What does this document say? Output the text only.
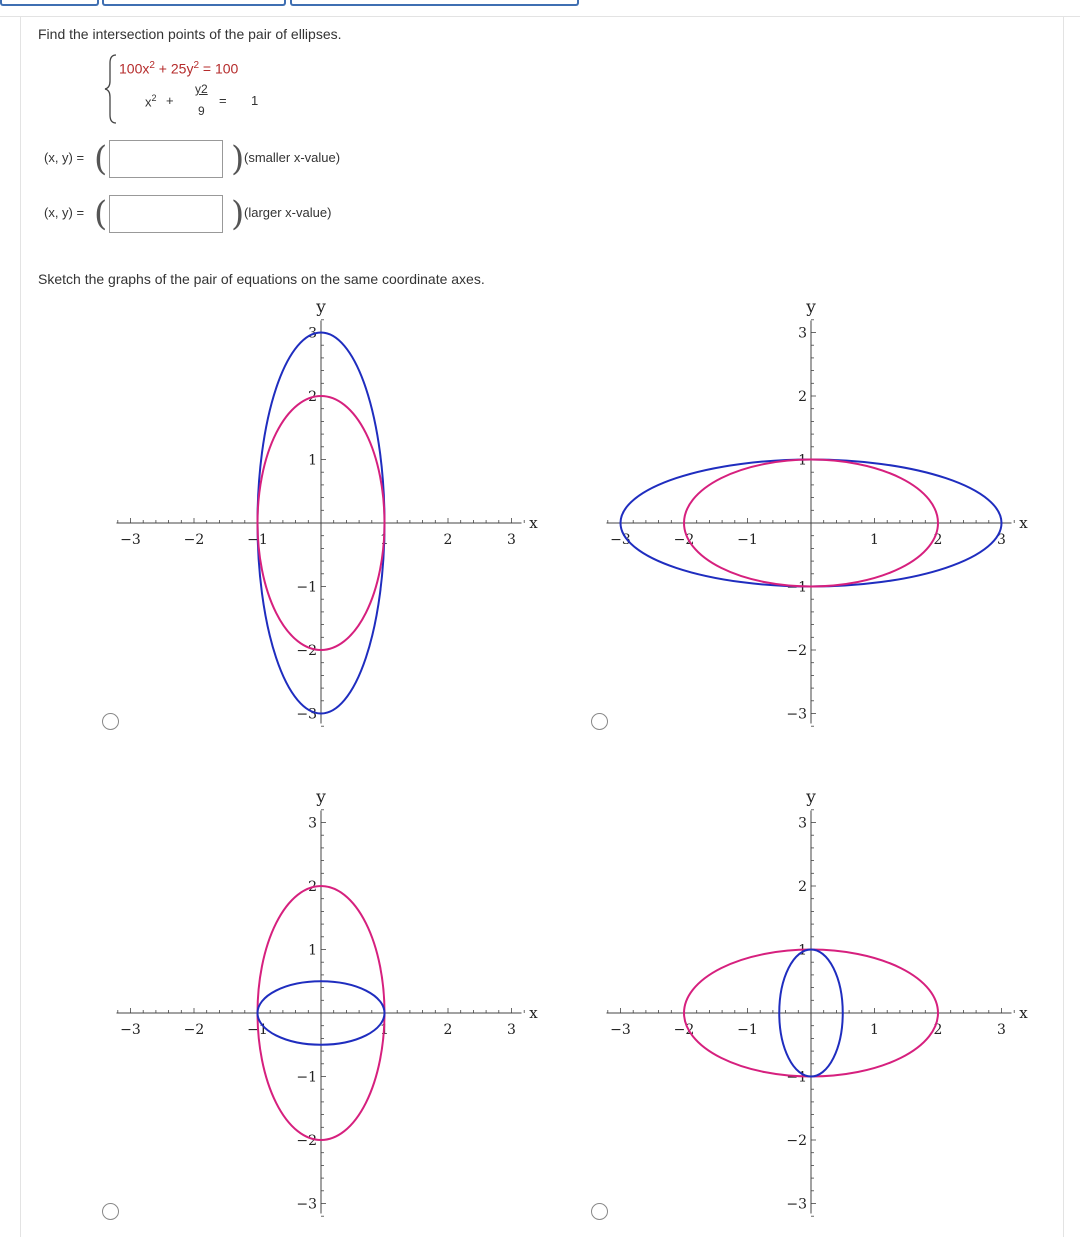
Find the intersection points of the pair of ellipses.
$100x^2 + 25y^2 = 100$
$x^2$ +
y2
9
= 1
(x, y) = (	) (smaller x-value)
(x, y) = (	) (larger x-value)
Sketch the graphs of the pair of equations on the same coordinate axes.
−3	−2	−1	1	2	3
3
2
1
−1
−2
−3
x
y
−3	−2	−1	1	2	3
3
2
1
−1
−2
−3
x
y
−3	−2	−1	1	2	3
3
2
1
−1
−2
−3
x
y
−3	−2	−1	1	2	3
3
2
1
−1
−2
−3
x
y
